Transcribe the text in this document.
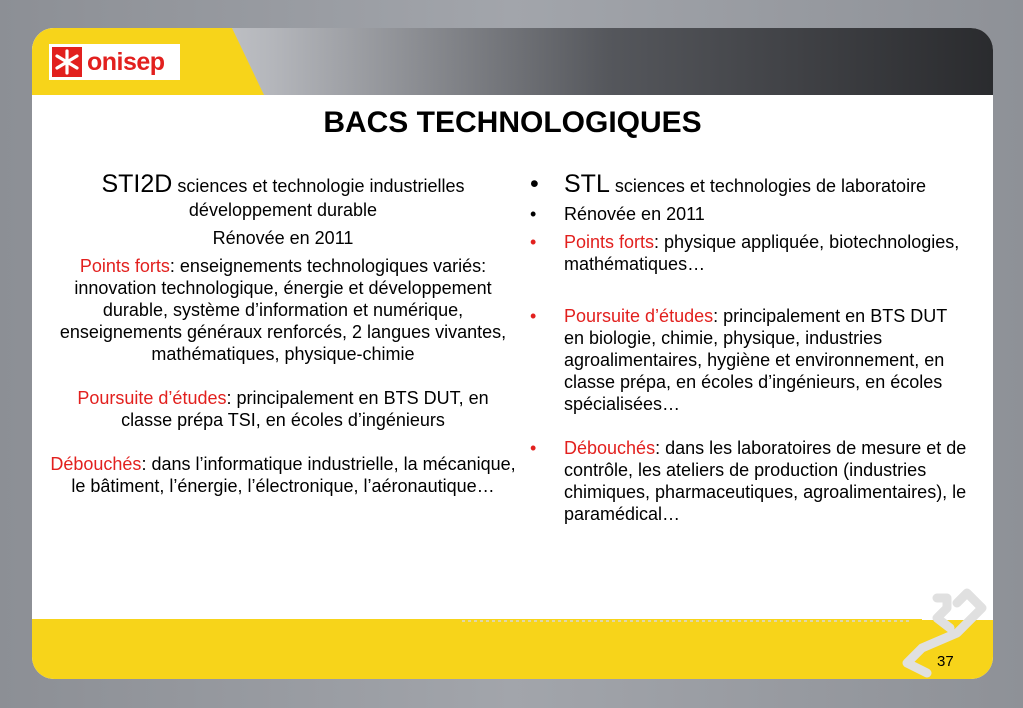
onisep
BACS TECHNOLOGIQUES

STI2D sciences et technologie industrielles

développement durable

Rénovée en 2011

Points forts: enseignements technologiques variés: innovation technologique, énergie et développement durable, système d’information et numérique, enseignements généraux renforcés, 2 langues vivantes, mathématiques, physique-chimie

Poursuite d’études: principalement en BTS DUT, en classe prépa TSI, en écoles d’ingénieurs

Débouchés: dans l’informatique industrielle, la mécanique, le bâtiment, l’énergie, l’électronique, l’aéronautique…

• STL sciences et technologies de laboratoire
• Rénovée en 2011
• Points forts: physique appliquée, biotechnologies, mathématiques…
• Poursuite d’études: principalement en BTS DUT en biologie, chimie, physique, industries agroalimentaires, hygiène et environnement, en classe prépa, en écoles d’ingénieurs, en écoles spécialisées…
• Débouchés: dans les laboratoires de mesure et de contrôle, les ateliers de production (industries chimiques, pharmaceutiques, agroalimentaires), le paramédical…
37
